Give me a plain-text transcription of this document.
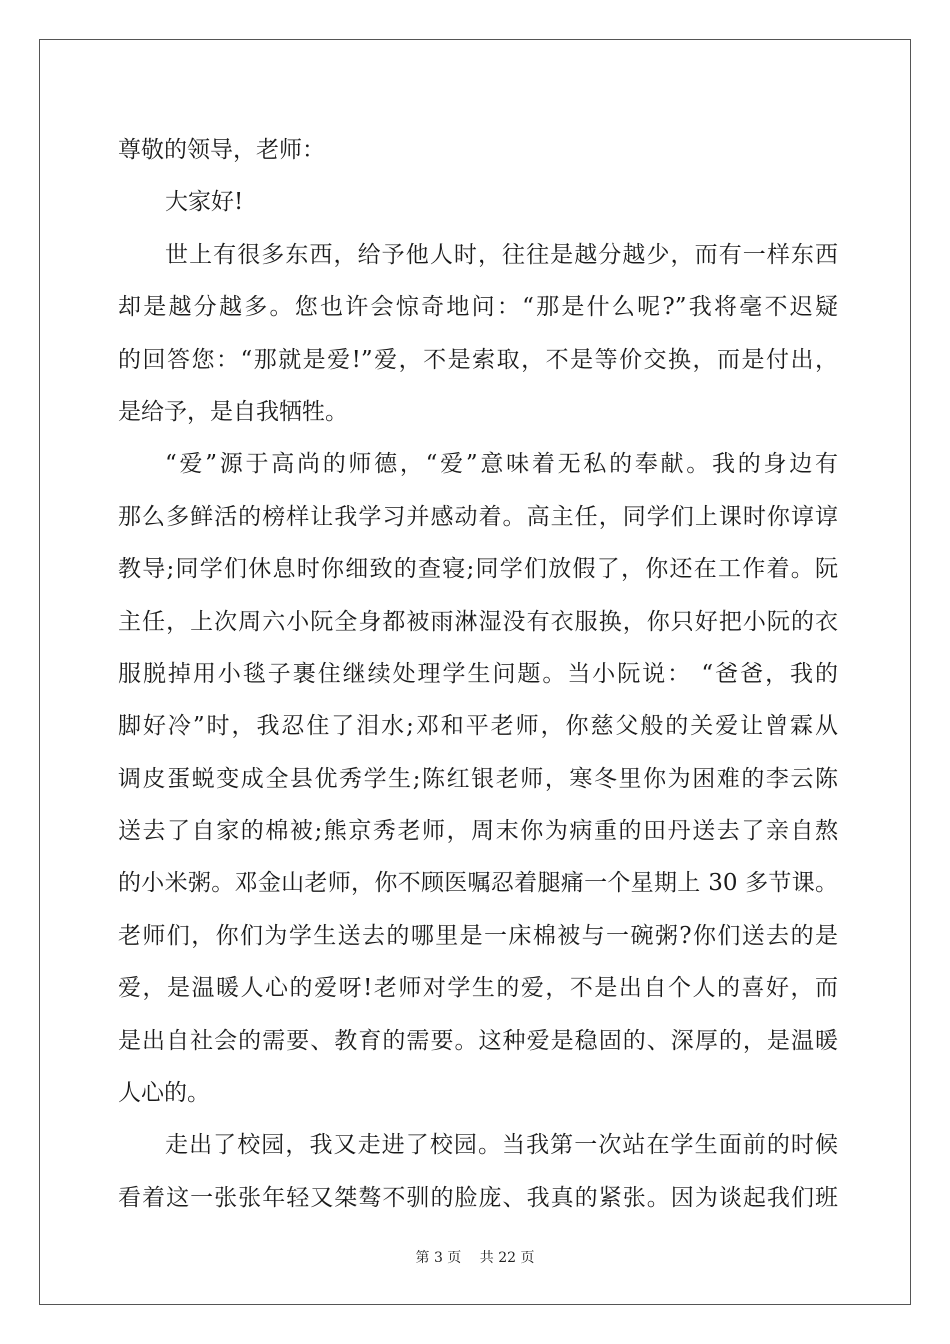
尊敬的领导，老师：
大家好!
世上有很多东西，给予他人时，往往是越分越少，而有一样东西
却是越分越多。您也许会惊奇地问：“那是什么呢?”我将毫不迟疑
的回答您：“那就是爱!”爱，不是索取，不是等价交换，而是付出，
是给予，是自我牺牲。
“爱”源于高尚的师德，“爱”意味着无私的奉献。我的身边有
那么多鲜活的榜样让我学习并感动着。高主任，同学们上课时你谆谆
教导;同学们休息时你细致的查寝;同学们放假了，你还在工作着。阮
主任，上次周六小阮全身都被雨淋湿没有衣服换，你只好把小阮的衣
服脱掉用小毯子裹住继续处理学生问题。当小阮说： “爸爸，我的
脚好冷”时，我忍住了泪水;邓和平老师，你慈父般的关爱让曾霖从
调皮蛋蜕变成全县优秀学生;陈红银老师，寒冬里你为困难的李云陈
送去了自家的棉被;熊京秀老师，周末你为病重的田丹送去了亲自熬
的小米粥。邓金山老师，你不顾医嘱忍着腿痛一个星期上 30 多节课。
老师们，你们为学生送去的哪里是一床棉被与一碗粥?你们送去的是
爱，是温暖人心的爱呀!老师对学生的爱，不是出自个人的喜好，而
是出自社会的需要、教育的需要。这种爱是稳固的、深厚的，是温暖
人心的。
走出了校园，我又走进了校园。当我第一次站在学生面前的时候
看着这一张张年轻又桀骜不驯的脸庞、我真的紧张。因为谈起我们班
第 3 页 共 22 页
